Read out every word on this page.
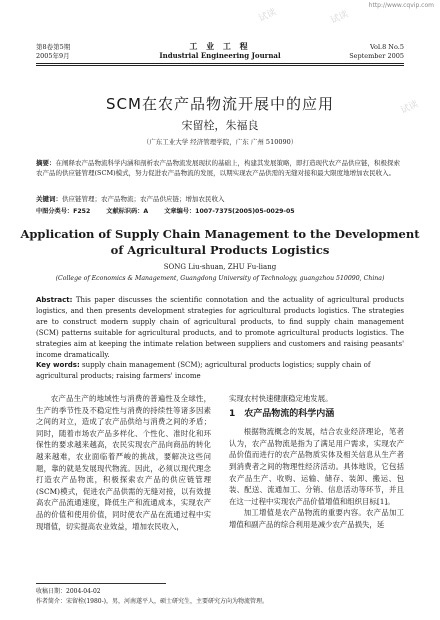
http://www.cqvip.com
试读	试读
试读
第8卷第5期
2005年9月
工 业 工 程
Industrial Engineering Journal
Vol.8 No.5
September 2005
SCM在农产品物流开展中的应用
宋留栓，朱福良
（广东工业大学 经济管理学院，广东 广州 510090）
摘要：在阐释农产品物流科学内涵和剖析农产品物流发展现状的基础上，构建其发展策略，即打造现代农产品供应链，积极探索农产品的供应链管理(SCM)模式，努力促进农产品物流的发展，以期实现农产品供需的无缝对接和最大限度地增加农民收入。
关键词：供应链管理；农产品物流；农产品供应链；增加农民收入
中图分类号：F252	文献标识码：A	文章编号：1007-7375(2005)05-0029-05
Application of Supply Chain Management to the Development of Agricultural Products Logistics
SONG Liu-shuan, ZHU Fu-liang
(College of Economics & Management, Guangdong University of Technology, guangzhou 510090, China)
Abstract: This paper discusses the scientific connotation and the actuality of agricultural products logistics, and then presents development strategies for agricultural products logistics. The strategies are to construct modern supply chain of agricultural products, to find supply chain management (SCM) patterns suitable for agricultural products, and to promote agricultural products logistics. The strategies aim at keeping the intimate relation between suppliers and customers and raising peasants' income dramatically.
Key words: supply chain management (SCM); agricultural products logistics; supply chain of agricultural products; raising farmers' income

农产品生产的地域性与消费的普遍性及全球性，生产的季节性及不稳定性与消费的持续性等诸多因素之间的对立，造成了农产品供给与消费之间的矛盾；同时，随着市场农产品多样化、个性化、准时化和环保性的要求越来越高，农民实现农产品向商品的转化越来越难，农业面临着严峻的挑战，要解决这些问题，靠的就是发展现代物流。因此，必须以现代理念打造农产品物流，积极探索农产品的供应链管理(SCM)模式，促进农产品供需的无缝对接，以有效提高农产品流通速度，降低生产和流通成本，实现农产品的价值和使用价值，同时使农产品在流通过程中实现增值，切实提高农业效益，增加农民收入，

实现农村快速健康稳定地发展。

1　农产品物流的科学内涵

根据物流概念的发展，结合农业经济理论，笔者认为，农产品物流是指为了满足用户需求，实现农产品价值而进行的农产品物质实体及相关信息从生产者到消费者之间的物理性经济活动。具体地说，它包括农产品生产、收购、运输、储存、装卸、搬运、包装、配送、流通加工、分销、信息活动等环节，并且在这一过程中实现农产品价值增值和组织目标[1]。

加工增值是农产品物流的重要内容。农产品加工增值和副产品的综合利用是减少农产品损失，延

收稿日期：2004-04-02
作者简介：宋留栓(1980-)，男，河南遂平人，硕士研究生，主要研究方向为物流管理。
